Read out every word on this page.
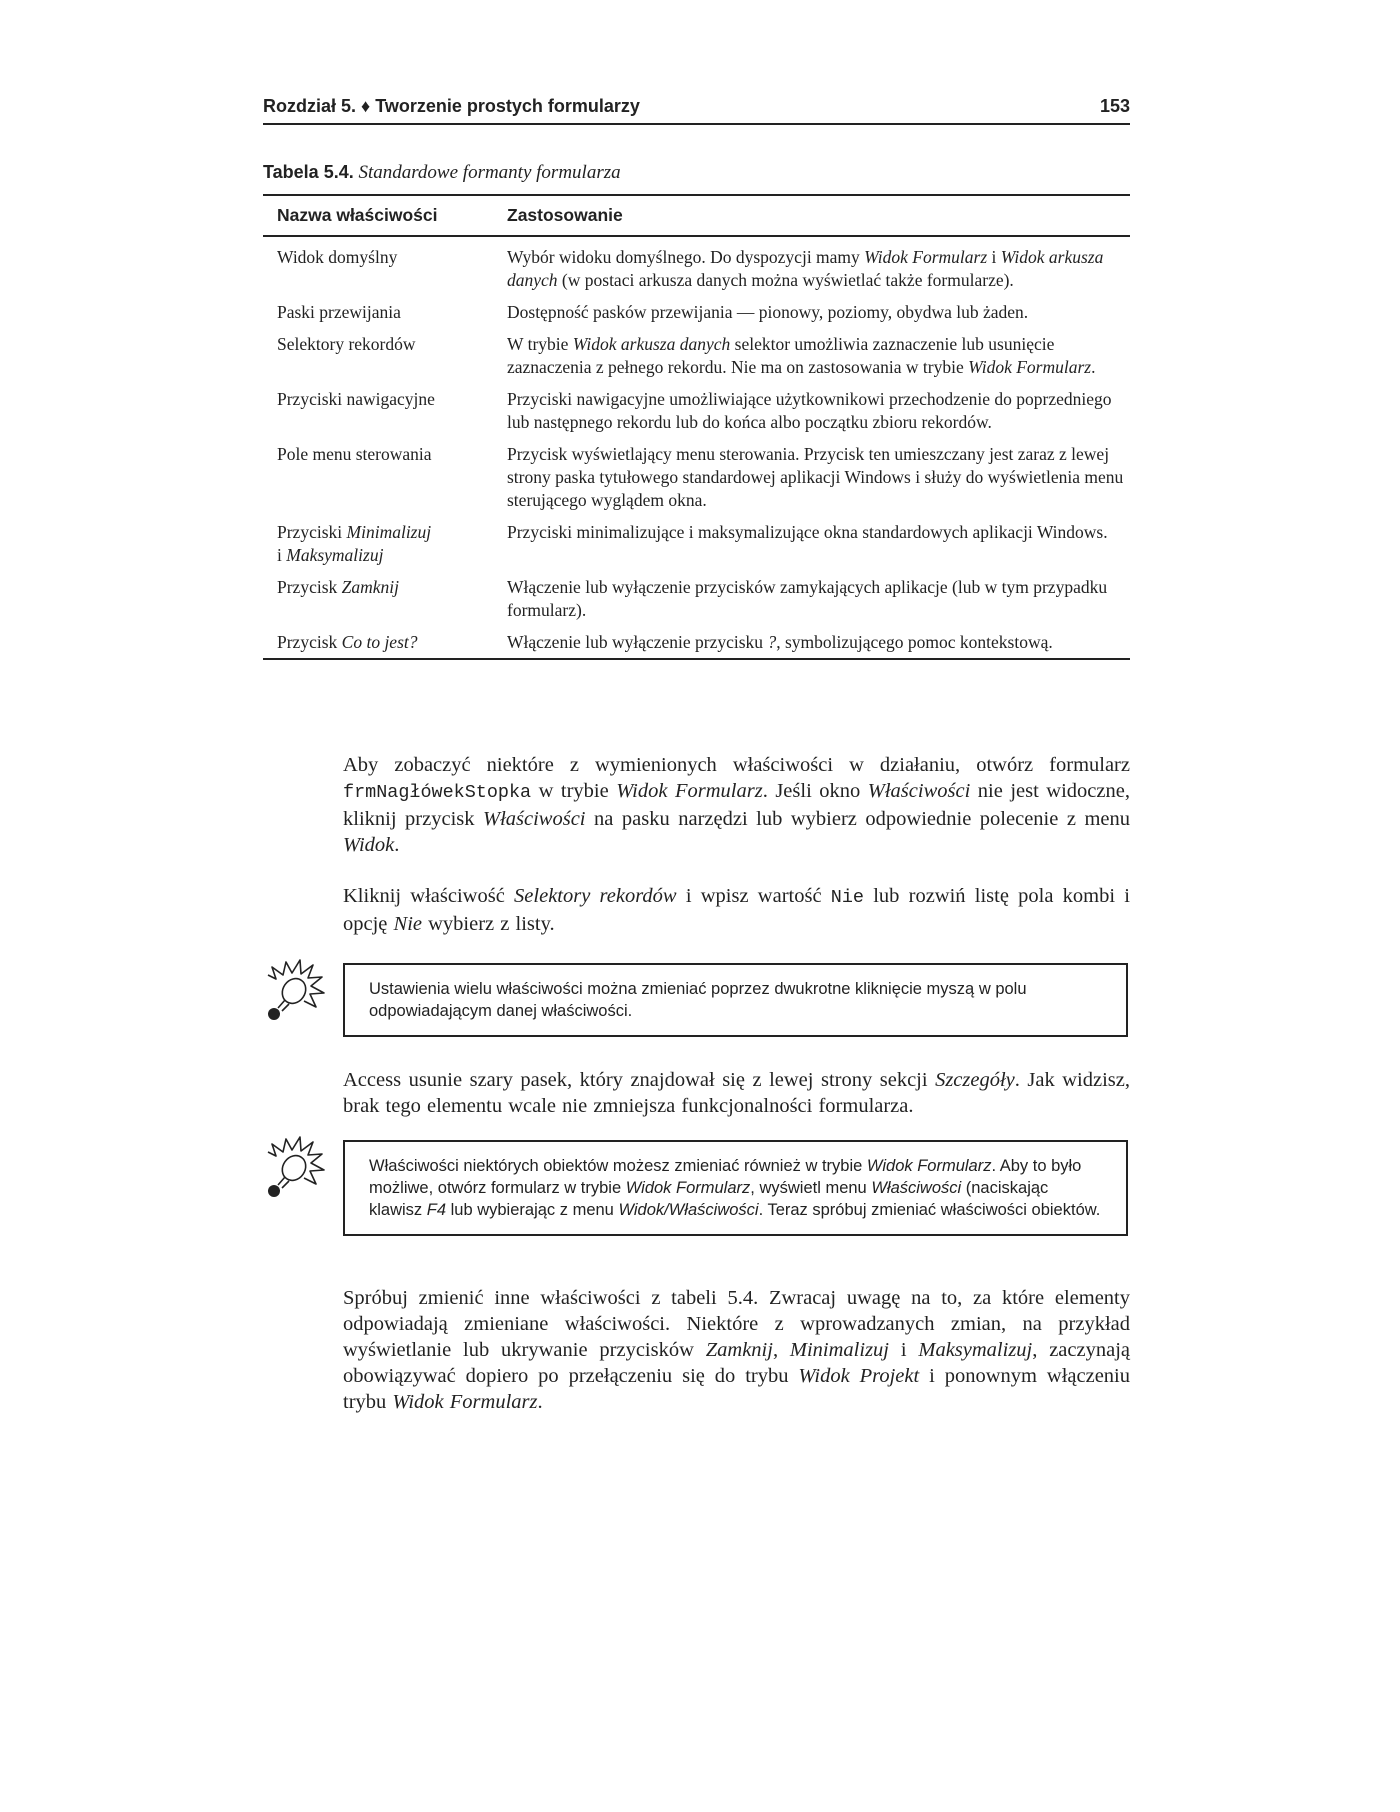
Rozdział 5. ♦ Tworzenie prostych formularzy	153
Tabela 5.4. Standardowe formanty formularza
Nazwa właściwości	Zastosowanie
Widok domyślny	Wybór widoku domyślnego. Do dyspozycji mamy Widok Formularz i Widok arkusza danych (w postaci arkusza danych można wyświetlać także formularze).
Paski przewijania	Dostępność pasków przewijania — pionowy, poziomy, obydwa lub żaden.
Selektory rekordów	W trybie Widok arkusza danych selektor umożliwia zaznaczenie lub usunięcie zaznaczenia z pełnego rekordu. Nie ma on zastosowania w trybie Widok Formularz.
Przyciski nawigacyjne	Przyciski nawigacyjne umożliwiające użytkownikowi przechodzenie do poprzedniego lub następnego rekordu lub do końca albo początku zbioru rekordów.
Pole menu sterowania	Przycisk wyświetlający menu sterowania. Przycisk ten umieszczany jest zaraz z lewej strony paska tytułowego standardowej aplikacji Windows i służy do wyświetlenia menu sterującego wyglądem okna.
Przyciski Minimalizuj
i Maksymalizuj	Przyciski minimalizujące i maksymalizujące okna standardowych aplikacji Windows.
Przycisk Zamknij	Włączenie lub wyłączenie przycisków zamykających aplikacje (lub w tym przypadku formularz).
Przycisk Co to jest?	Włączenie lub wyłączenie przycisku ?, symbolizującego pomoc kontekstową.

Aby zobaczyć niektóre z wymienionych właściwości w działaniu, otwórz formularz frmNagłówekStopka w trybie Widok Formularz. Jeśli okno Właściwości nie jest widoczne, kliknij przycisk Właściwości na pasku narzędzi lub wybierz odpowiednie polecenie z menu Widok.

Kliknij właściwość Selektory rekordów i wpisz wartość Nie lub rozwiń listę pola kombi i opcję Nie wybierz z listy.

Ustawienia wielu właściwości można zmieniać poprzez dwukrotne kliknięcie myszą w polu odpowiadającym danej właściwości.

Access usunie szary pasek, który znajdował się z lewej strony sekcji Szczegóły. Jak widzisz, brak tego elementu wcale nie zmniejsza funkcjonalności formularza.

Właściwości niektórych obiektów możesz zmieniać również w trybie Widok Formularz. Aby to było możliwe, otwórz formularz w trybie Widok Formularz, wyświetl menu Właściwości (naciskając klawisz F4 lub wybierając z menu Widok/Właściwości. Teraz spróbuj zmieniać właściwości obiektów.

Spróbuj zmienić inne właściwości z tabeli 5.4. Zwracaj uwagę na to, za które elementy odpowiadają zmieniane właściwości. Niektóre z wprowadzanych zmian, na przykład wyświetlanie lub ukrywanie przycisków Zamknij, Minimalizuj i Maksymalizuj, zaczynają obowiązywać dopiero po przełączeniu się do trybu Widok Projekt i ponownym włączeniu trybu Widok Formularz.
